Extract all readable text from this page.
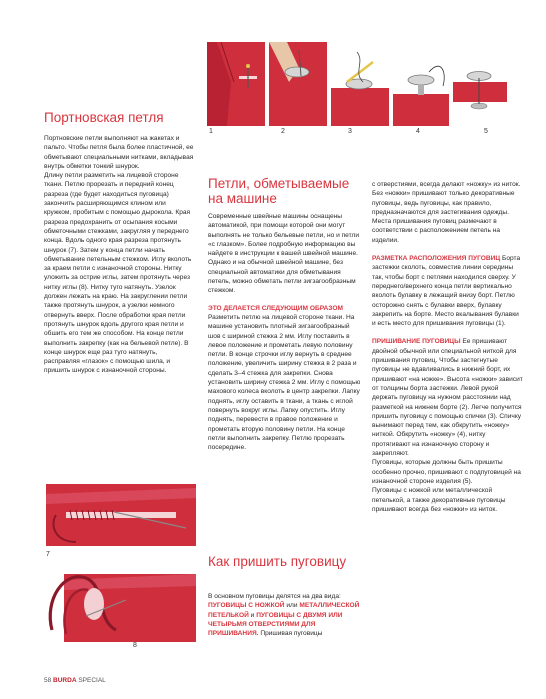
1	2	3	4	5
Портновская петля

Портновские петли выполняют на жакетах и пальто. Чтобы петля была более пластичной, ее обметывают специальными нитками, вкладывая внутрь обметки тонкий шнурок.

Длину петли разметить на лицевой стороне ткани. Петлю прорезать и передний конец разреза (где будет находиться пуговица) закончить расширяющимся клином или кружком, пробитым с помощью дырокола. Края разреза предохранить от осыпания косыми обметочными стежками, закругляя у переднего конца. Вдоль одного края разреза протянуть шнурок (7). Затем у конца петли начать обметывание петельным стежком. Иглу вколоть за краем петли с изнаночной стороны. Нитку уложить за острие иглы, затем протянуть через нитку иглы (8). Нитку туго натянуть. Узелок должен лежать на краю. На закруглении петли также протянуть шнурок, а узелки немного отвернуть вверх. После обработки края петли протянуть шнурок вдоль другого края петли и обшить его тем же способом. На конце петли выполнить закрепку (как на бельевой петле). В конце шнурок еще раз туго натянуть, расправляя «глазок» с помощью шила, и пришить шнурок с изнаночной стороны.

7
8
Петли, обметываемые на машине

Современные швейные машины оснащены автоматикой, при помощи которой они могут выполнять не только бельевые петли, но и петли «с глазком». Более подробную информацию вы найдете в инструкции к вашей швейной машине. Однако и на обычной швейной машине, без специальной автоматики для обметывания петель, можно обметать петли зигзагообразным стежком.

ЭТО ДЕЛАЕТСЯ СЛЕДУЮЩИМ ОБРАЗОМ Разметить петлю на лицевой стороне ткани. На машине установить плотный зигзагообразный шов с шириной стежка 2 мм. Иглу поставить в левое положение и прометать левую половину петли. В конце строчки иглу вернуть в среднее положение, увеличить ширину стежка в 2 раза и сделать 3–4 стежка для закрепки. Снова установить ширину стежка 2 мм. Иглу с помощью махового колеса вколоть в центр закрепки. Лапку поднять, иглу оставить в ткани, а ткань с иглой повернуть вокруг иглы. Лапку опустить. Иглу поднять, перевести в правое положение и прометать вторую половину петли. На конце петли выполнить закрепку. Петлю прорезать посередине.

Как пришить пуговицу

В основном пуговицы делятся на два вида: ПУГОВИЦЫ С НОЖКОЙ или МЕТАЛЛИЧЕСКОЙ ПЕТЕЛЬКОЙ и ПУГОВИЦЫ С ДВУМЯ ИЛИ ЧЕТЫРЬМЯ ОТВЕРСТИЯМИ ДЛЯ ПРИШИВАНИЯ. Пришивая пуговицы

с отверстиями, всегда делают «ножку» из ниток. Без «ножки» пришивают только декоративные пуговицы, ведь пуговицы, как правило, предназначаются для застегивания одежды. Места пришивания пуговиц размечают в соответствии с расположением петель на изделии.

РАЗМЕТКА РАСПОЛОЖЕНИЯ ПУГОВИЦ Борта застежки сколоть, совместив линии середины так, чтобы борт с петлями находился сверху. У переднего/верхнего конца петли вертикально вколоть булавку в лежащий внизу борт. Петлю осторожно снять с булавки вверх, булавку закрепить на борте. Место вкалывания булавки и есть место для пришивания пуговицы (1).

ПРИШИВАНИЕ ПУГОВИЦЫ Ее пришивают двойной обычной или специальной ниткой для пришивания пуговиц. Чтобы застегнутые пуговицы не вдавливались в нижний борт, их пришивают «на ножке». Высота «ножки» зависит от толщины борта застежки. Левой рукой держать пуговицу на нужном расстоянии над разметкой на нижнем борте (2). Легче получится пришить пуговицу с помощью спички (3). Спичку вынимают перед тем, как обкрутить «ножку» ниткой. Обкрутить «ножку» (4), нитку протягивают на изнаночную сторону и закрепляют.

Пуговицы, которые должны быть пришиты особенно прочно, пришивают с подпуговицей на изнаночной стороне изделия (5).

Пуговицы с ножкой или металлической петелькой, а также декоративные пуговицы пришивают всегда без «ножки» из ниток.

58 BURDA SPECIAL
